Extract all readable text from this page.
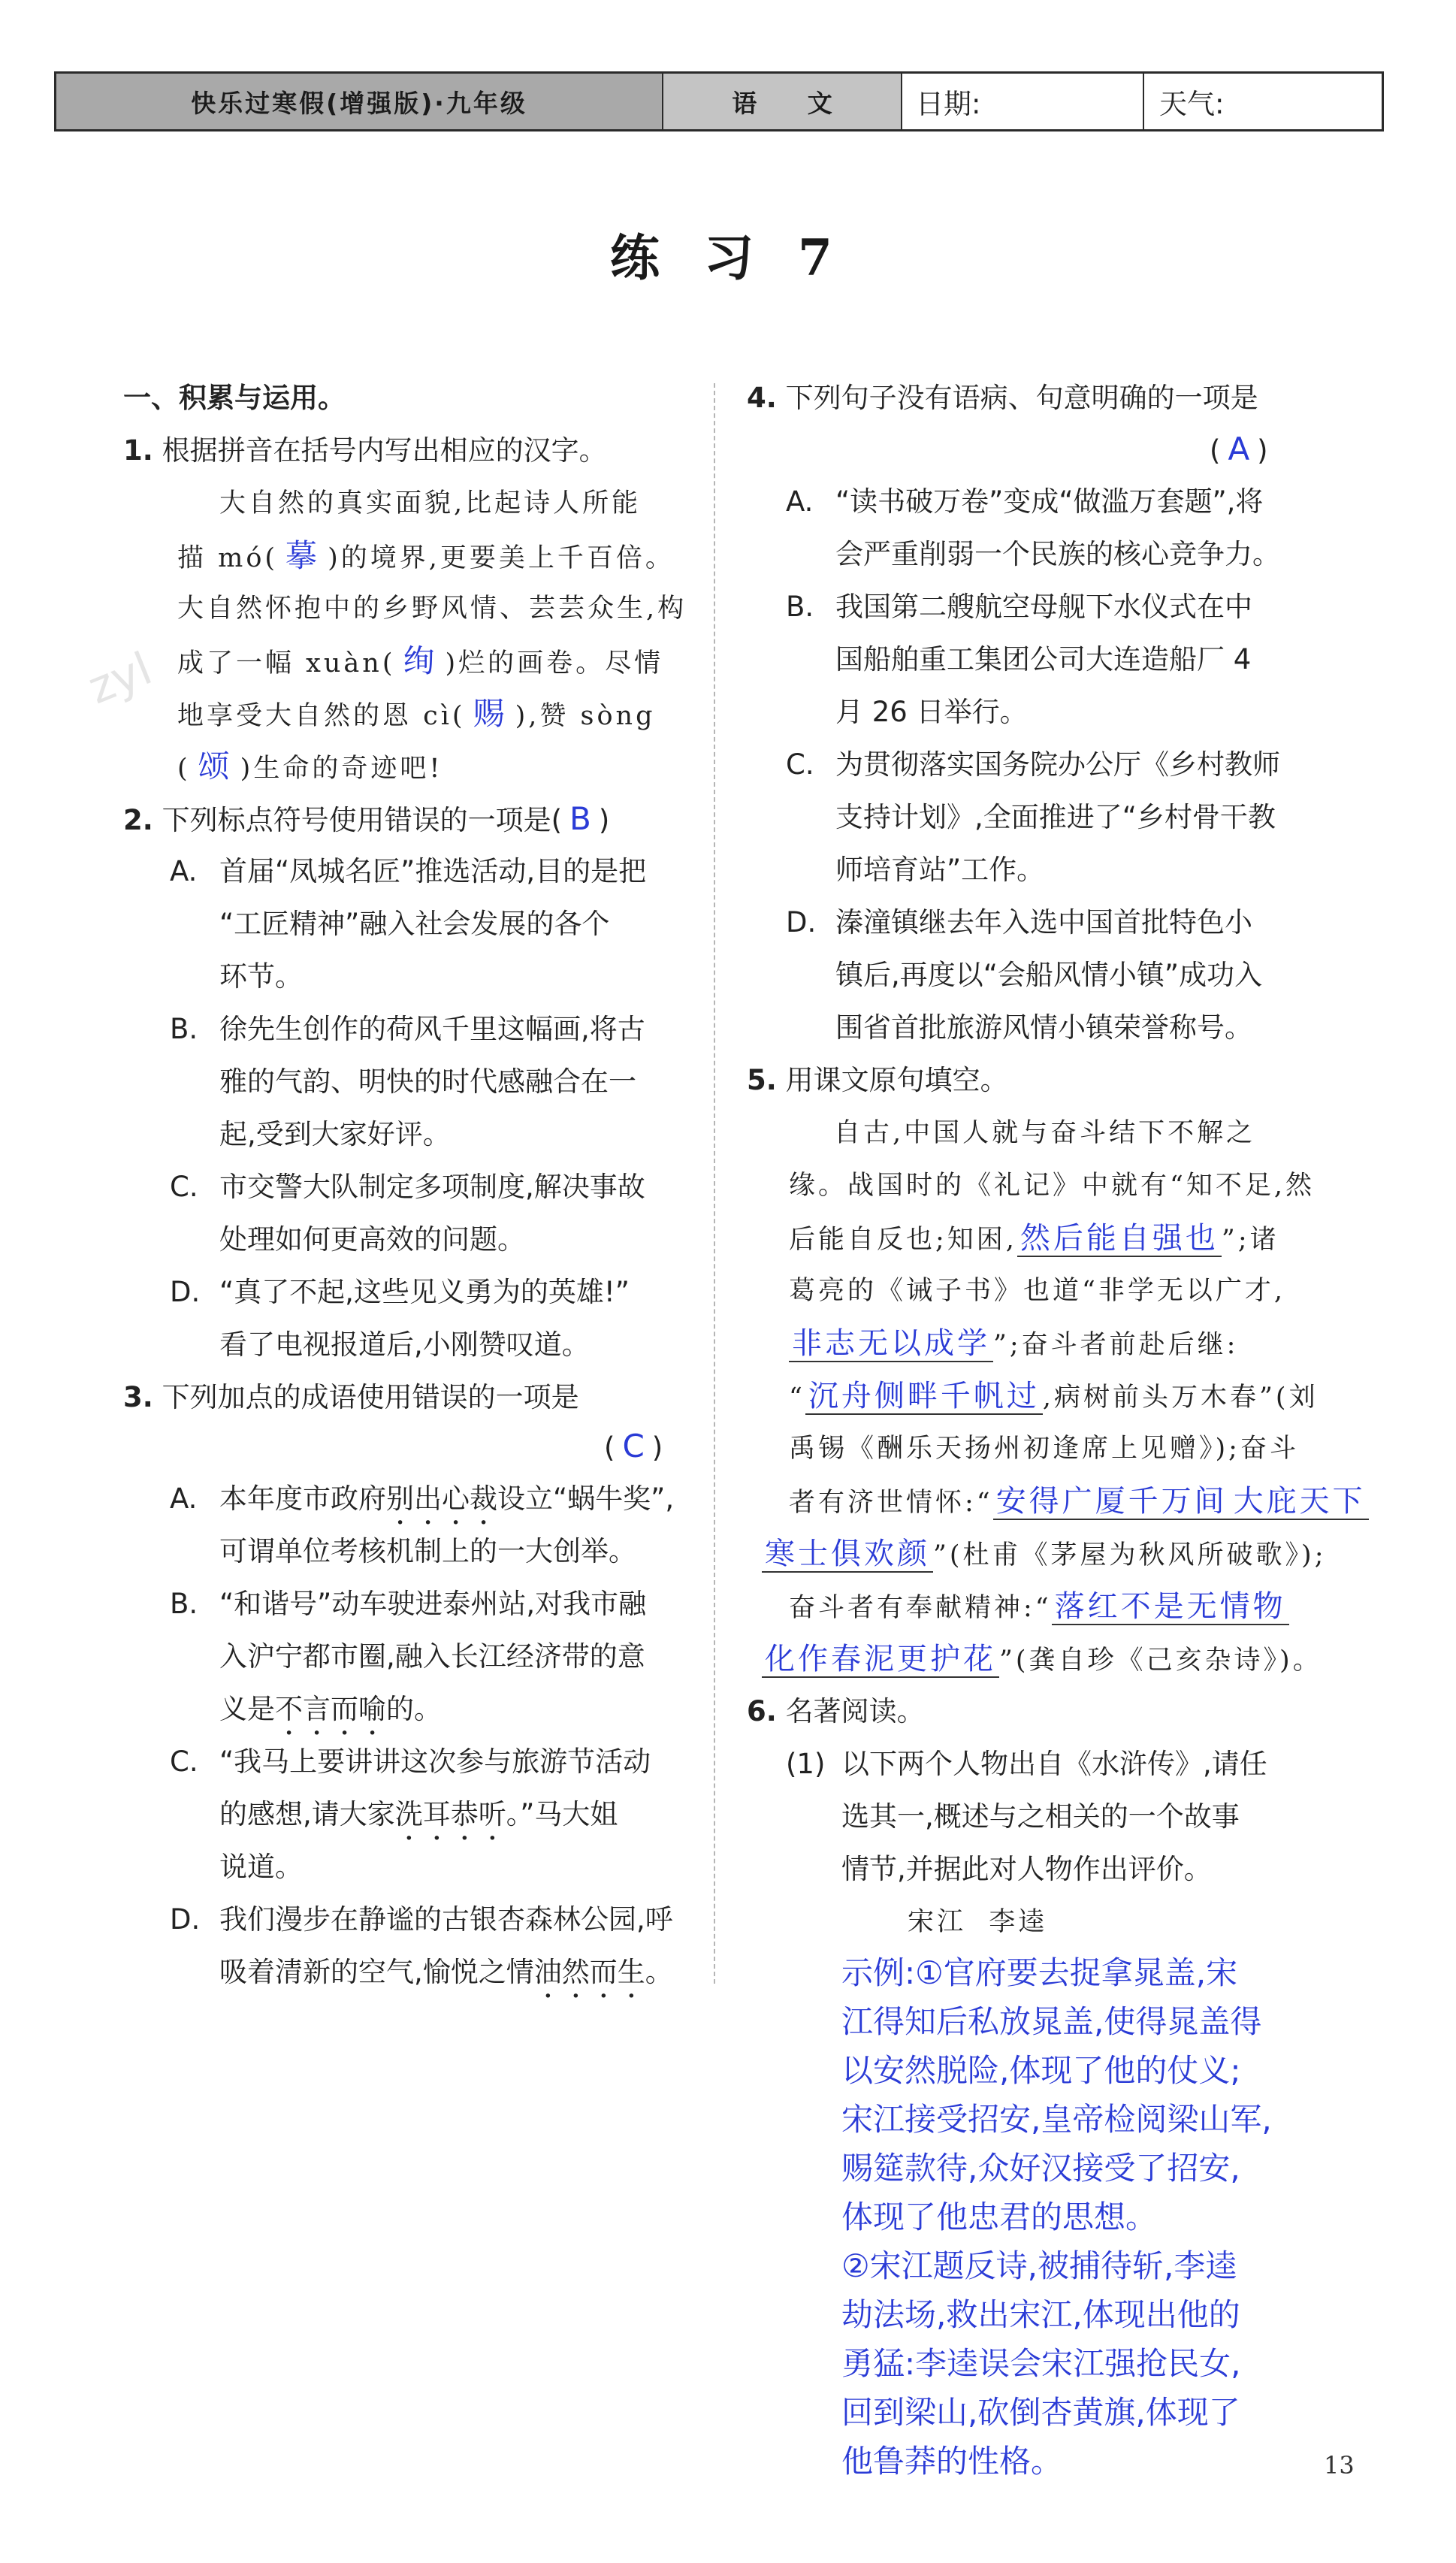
快乐过寒假(增强版)·九年级	语 文	日期:	天气:
zyl
练 习 7
一、积累与运用。
1. 根据拼音在括号内写出相应的汉字。
大自然的真实面貌,比起诗人所能
描 mó( 摹 )的境界,更要美上千百倍。
大自然怀抱中的乡野风情、芸芸众生,构
成了一幅 xuàn( 绚 )烂的画卷。尽情
地享受大自然的恩 cì( 赐 ),赞 sòng
( 颂 )生命的奇迹吧!
2. 下列标点符号使用错误的一项是( B )
A. 首届“凤城名匠”推选活动,目的是把
“工匠精神”融入社会发展的各个
环节。
B. 徐先生创作的荷风千里这幅画,将古
雅的气韵、明快的时代感融合在一
起,受到大家好评。
C. 市交警大队制定多项制度,解决事故
处理如何更高效的问题。
D. “真了不起,这些见义勇为的英雄!”
看了电视报道后,小刚赞叹道。
3. 下列加点的成语使用错误的一项是
( C )
A. 本年度市政府别出心裁设立“蜗牛奖”,
可谓单位考核机制上的一大创举。
B. “和谐号”动车驶进泰州站,对我市融
入沪宁都市圈,融入长江经济带的意
义是不言而喻的。
C. “我马上要讲讲这次参与旅游节活动
的感想,请大家洗耳恭听。”马大姐
说道。
D. 我们漫步在静谧的古银杏森林公园,呼
吸着清新的空气,愉悦之情油然而生。
4. 下列句子没有语病、句意明确的一项是
( A )
A. “读书破万卷”变成“做滥万套题”,将
会严重削弱一个民族的核心竞争力。
B. 我国第二艘航空母舰下水仪式在中
国船舶重工集团公司大连造船厂 4
月 26 日举行。
C. 为贯彻落实国务院办公厅《乡村教师
支持计划》,全面推进了“乡村骨干教
师培育站”工作。
D. 溱潼镇继去年入选中国首批特色小
镇后,再度以“会船风情小镇”成功入
围省首批旅游风情小镇荣誉称号。
5. 用课文原句填空。
自古,中国人就与奋斗结下不解之
缘。战国时的《礼记》中就有“知不足,然
后能自反也;知困, 然后能自强也 ”;诸
葛亮的《诫子书》也道“非学无以广才,
非志无以成学 ”;奋斗者前赴后继:
“ 沉舟侧畔千帆过 ,病树前头万木春”(刘
禹锡《酬乐天扬州初逢席上见赠》);奋斗
者有济世情怀:“ 安得广厦千万间 大庇天下
寒士俱欢颜 ”(杜甫《茅屋为秋风所破歌》);
奋斗者有奉献精神:“ 落红不是无情物
化作春泥更护花 ”(龚自珍《己亥杂诗》)。
6. 名著阅读。
(1) 以下两个人物出自《水浒传》,请任
选其一,概述与之相关的一个故事
情节,并据此对人物作出评价。
宋江  李逵
示例:①官府要去捉拿晁盖,宋
江得知后私放晁盖,使得晁盖得
以安然脱险,体现了他的仗义;
宋江接受招安,皇帝检阅梁山军,
赐筵款待,众好汉接受了招安,
体现了他忠君的思想。
②宋江题反诗,被捕待斩,李逵
劫法场,救出宋江,体现出他的
勇猛:李逵误会宋江强抢民女,
回到梁山,砍倒杏黄旗,体现了
他鲁莽的性格。	13
